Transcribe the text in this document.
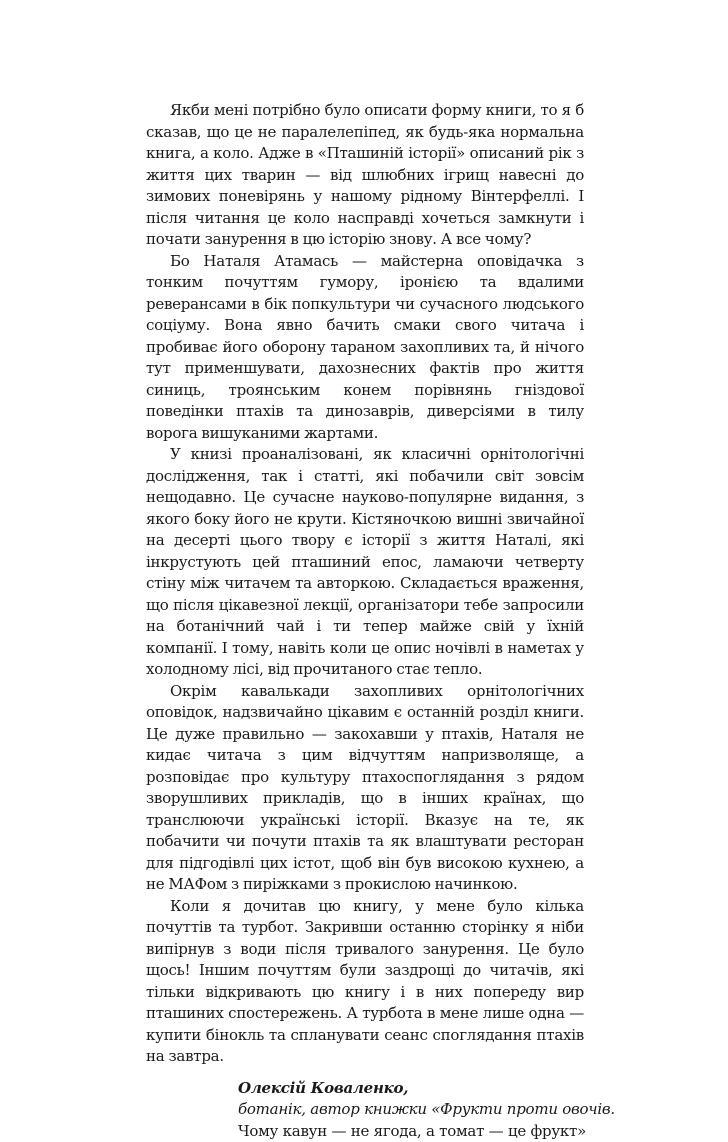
Якби мені потрібно було описати форму книги, то я б сказав, що це не паралелепіпед, як будь-яка нормальна книга, а коло. Адже в «Пташиній історії» описаний рік з життя цих тварин — від шлюбних ігрищ навесні до зимових поневірянь у нашому рідному Вінтерфеллі. І після читання це коло насправді хочеться замкнути і почати занурення в цю історію знову. А все чому?

Бо Наталя Атамась — майстерна оповідачка з тонким почуттям гумору, іронією та вдалими реверансами в бік попкультури чи сучасного людського соціуму. Вона явно бачить смаки свого читача і пробиває його оборону тараном захопливих та, й нічого тут применшувати, дахознесних фактів про життя синиць, троянським конем порівнянь гніздової поведінки птахів та динозаврів, диверсіями в тилу ворога вишуканими жартами.

У книзі проаналізовані, як класичні орнітологічні дослідження, так і статті, які побачили світ зовсім нещодавно. Це сучасне науково-популярне видання, з якого боку його не крути. Кістяночкою вишні звичайної на десерті цього твору є історії з життя Наталі, які інкрустують цей пташиний епос, ламаючи четверту стіну між читачем та авторкою. Складається враження, що після цікавезної лекції, організатори тебе запросили на ботанічний чай і ти тепер майже свій у їхній компанії. І тому, навіть коли це опис ночівлі в наметах у холодному лісі, від прочитаного стає тепло.

Окрім кавалькади захопливих орнітологічних оповідок, надзвичайно цікавим є останній розділ книги. Це дуже правильно — закохавши у птахів, Наталя не кидає читача з цим відчуттям напризволяще, а розповідає про культуру птахоспоглядання з рядом зворушливих прикладів, що в інших країнах, що транслюючи українські історії. Вказує на те, як побачити чи почути птахів та як влаштувати ресторан для підгодівлі цих істот, щоб він був високою кухнею, а не МАФом з пиріжками з прокислою начинкою.

Коли я дочитав цю книгу, у мене було кілька почуттів та турбот. Закривши останню сторінку я ніби випірнув з води після тривалого занурення. Це було щось! Іншим почуттям були заздрощі до читачів, які тільки відкривають цю книгу і в них попереду вир пташиних спостережень. А турбота в мене лише одна — купити бінокль та спланувати сеанс споглядання птахів на завтра.

Олексій Коваленко,
ботанік, автор книжки «Фрукти проти овочів.
Чому кавун — не ягода, а томат — це фрукт»
